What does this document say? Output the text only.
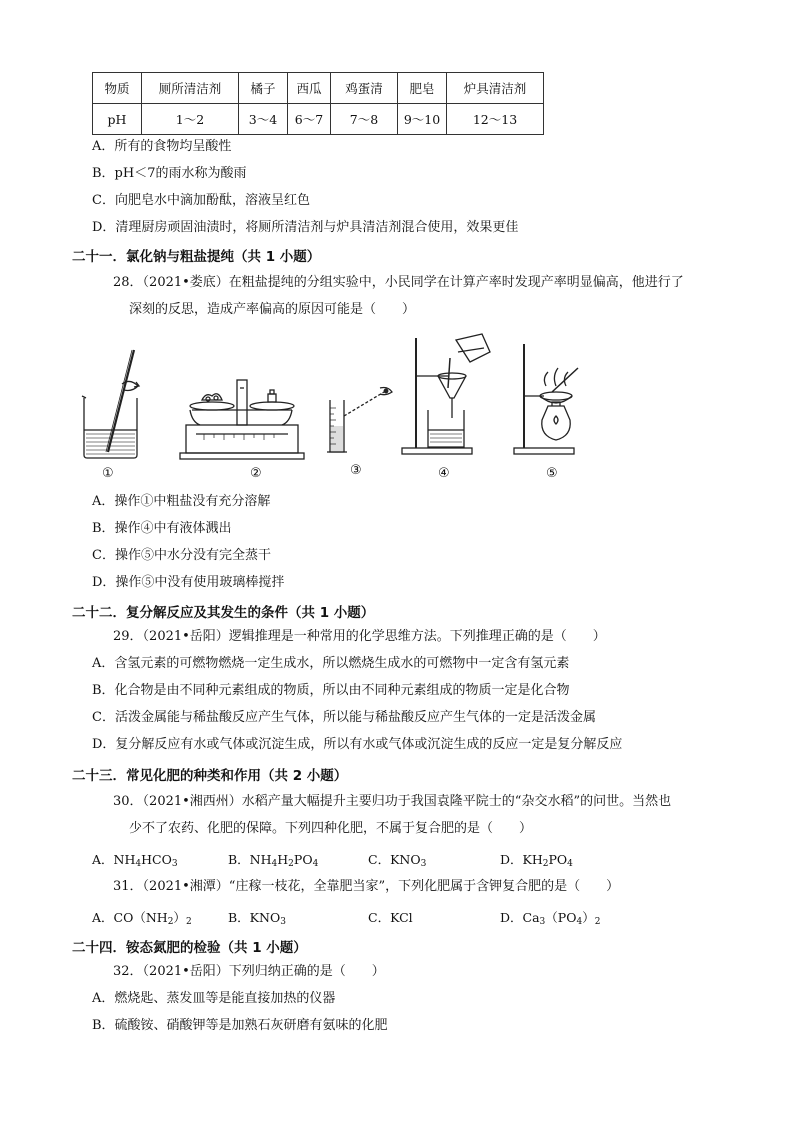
物质	厕所清洁剂	橘子	西瓜	鸡蛋清	肥皂	炉具清洁剂
pH	1～2	3～4	6～7	7～8	9～10	12～13
A．所有的食物均呈酸性
B．pH＜7的雨水称为酸雨
C．向肥皂水中滴加酚酞，溶液呈红色
D．清理厨房顽固油渍时，将厕所清洁剂与炉具清洁剂混合使用，效果更佳
二十一．氯化钠与粗盐提纯（共 1 小题）
28．（2021•娄底）在粗盐提纯的分组实验中，小民同学在计算产率时发现产率明显偏高，他进行了
深刻的反思，造成产率偏高的原因可能是（　　）
①	②	③	④	⑤
A．操作①中粗盐没有充分溶解
B．操作④中有液体溅出
C．操作⑤中水分没有完全蒸干
D．操作⑤中没有使用玻璃棒搅拌
二十二．复分解反应及其发生的条件（共 1 小题）
29．（2021•岳阳）逻辑推理是一种常用的化学思维方法。下列推理正确的是（　　）
A．含氢元素的可燃物燃烧一定生成水，所以燃烧生成水的可燃物中一定含有氢元素
B．化合物是由不同种元素组成的物质，所以由不同种元素组成的物质一定是化合物
C．活泼金属能与稀盐酸反应产生气体，所以能与稀盐酸反应产生气体的一定是活泼金属
D．复分解反应有水或气体或沉淀生成，所以有水或气体或沉淀生成的反应一定是复分解反应
二十三．常见化肥的种类和作用（共 2 小题）
30．（2021•湘西州）水稻产量大幅提升主要归功于我国袁隆平院士的“杂交水稻”的问世。当然也
少不了农药、化肥的保障。下列四种化肥，不属于复合肥的是（　　）
A．$NH_4HCO_3$	B．$NH_4H_2PO_4$	C．$KNO_3$	D．$KH_2PO_4$
31．（2021•湘潭）“庄稼一枝花，全靠肥当家”，下列化肥属于含钾复合肥的是（　　）
A．$CO(NH_2)_2$	B．$KNO_3$	C．KCl	D．$Ca_3(PO_4)_2$
二十四．铵态氮肥的检验（共 1 小题）
32．（2021•岳阳）下列归纳正确的是（　　）
A．燃烧匙、蒸发皿等是能直接加热的仪器
B．硫酸铵、硝酸钾等是加熟石灰研磨有氨味的化肥
